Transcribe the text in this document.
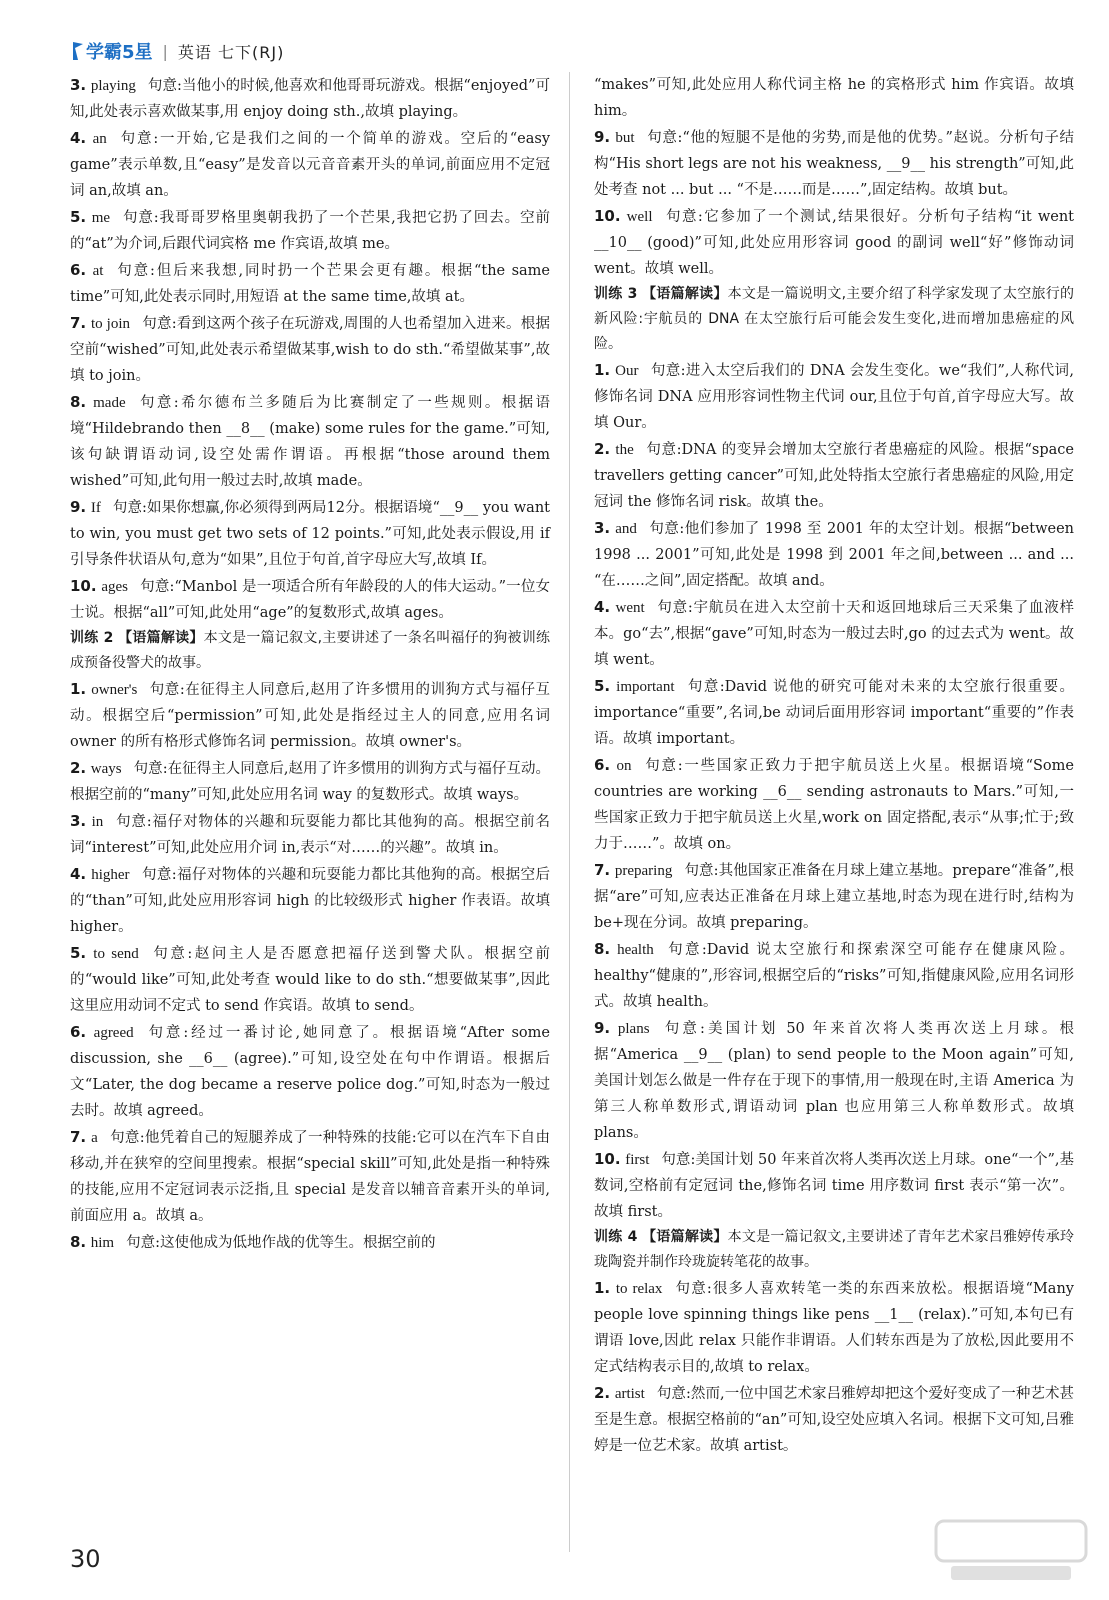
学霸5星 | 英语 七下(RJ)

3. playing 句意:当他小的时候,他喜欢和他哥哥玩游戏。根据“enjoyed”可知,此处表示喜欢做某事,用 enjoy doing sth.,故填 playing。

4. an 句意:一开始,它是我们之间的一个简单的游戏。空后的“easy game”表示单数,且“easy”是发音以元音音素开头的单词,前面应用不定冠词 an,故填 an。

5. me 句意:我哥哥罗格里奥朝我扔了一个芒果,我把它扔了回去。空前的“at”为介词,后跟代词宾格 me 作宾语,故填 me。

6. at 句意:但后来我想,同时扔一个芒果会更有趣。根据“the same time”可知,此处表示同时,用短语 at the same time,故填 at。

7. to join 句意:看到这两个孩子在玩游戏,周围的人也希望加入进来。根据空前“wished”可知,此处表示希望做某事,wish to do sth.“希望做某事”,故填 to join。

8. made 句意:希尔德布兰多随后为比赛制定了一些规则。根据语境“Hildebrando then __8__ (make) some rules for the game.”可知,该句缺谓语动词,设空处需作谓语。再根据“those around them wished”可知,此句用一般过去时,故填 made。

9. If 句意:如果你想赢,你必须得到两局12分。根据语境“__9__ you want to win, you must get two sets of 12 points.”可知,此处表示假设,用 if 引导条件状语从句,意为“如果”,且位于句首,首字母应大写,故填 If。

10. ages 句意:“Manbol 是一项适合所有年龄段的人的伟大运动。”一位女士说。根据“all”可知,此处用“age”的复数形式,故填 ages。

训练 2 【语篇解读】本文是一篇记叙文,主要讲述了一条名叫福仔的狗被训练成预备役警犬的故事。

1. owner's 句意:在征得主人同意后,赵用了许多惯用的训狗方式与福仔互动。根据空后“permission”可知,此处是指经过主人的同意,应用名词 owner 的所有格形式修饰名词 permission。故填 owner's。

2. ways 句意:在征得主人同意后,赵用了许多惯用的训狗方式与福仔互动。根据空前的“many”可知,此处应用名词 way 的复数形式。故填 ways。

3. in 句意:福仔对物体的兴趣和玩耍能力都比其他狗的高。根据空前名词“interest”可知,此处应用介词 in,表示“对……的兴趣”。故填 in。

4. higher 句意:福仔对物体的兴趣和玩耍能力都比其他狗的高。根据空后的“than”可知,此处应用形容词 high 的比较级形式 higher 作表语。故填 higher。

5. to send 句意:赵问主人是否愿意把福仔送到警犬队。根据空前的“would like”可知,此处考查 would like to do sth.“想要做某事”,因此这里应用动词不定式 to send 作宾语。故填 to send。

6. agreed 句意:经过一番讨论,她同意了。根据语境“After some discussion, she __6__ (agree).”可知,设空处在句中作谓语。根据后文“Later, the dog became a reserve police dog.”可知,时态为一般过去时。故填 agreed。

7. a 句意:他凭着自己的短腿养成了一种特殊的技能:它可以在汽车下自由移动,并在狭窄的空间里搜索。根据“special skill”可知,此处是指一种特殊的技能,应用不定冠词表示泛指,且 special 是发音以辅音音素开头的单词,前面应用 a。故填 a。

8. him 句意:这使他成为低地作战的优等生。根据空前的

“makes”可知,此处应用人称代词主格 he 的宾格形式 him 作宾语。故填 him。

9. but 句意:“他的短腿不是他的劣势,而是他的优势。”赵说。分析句子结构“His short legs are not his weakness, __9__ his strength”可知,此处考查 not ... but ... “不是……而是……”,固定结构。故填 but。

10. well 句意:它参加了一个测试,结果很好。分析句子结构“it went __10__ (good)”可知,此处应用形容词 good 的副词 well“好”修饰动词 went。故填 well。

训练 3 【语篇解读】本文是一篇说明文,主要介绍了科学家发现了太空旅行的新风险:宇航员的 DNA 在太空旅行后可能会发生变化,进而增加患癌症的风险。

1. Our 句意:进入太空后我们的 DNA 会发生变化。we“我们”,人称代词,修饰名词 DNA 应用形容词性物主代词 our,且位于句首,首字母应大写。故填 Our。

2. the 句意:DNA 的变异会增加太空旅行者患癌症的风险。根据“space travellers getting cancer”可知,此处特指太空旅行者患癌症的风险,用定冠词 the 修饰名词 risk。故填 the。

3. and 句意:他们参加了 1998 至 2001 年的太空计划。根据“between 1998 ... 2001”可知,此处是 1998 到 2001 年之间,between ... and ... “在……之间”,固定搭配。故填 and。

4. went 句意:宇航员在进入太空前十天和返回地球后三天采集了血液样本。go“去”,根据“gave”可知,时态为一般过去时,go 的过去式为 went。故填 went。

5. important 句意:David 说他的研究可能对未来的太空旅行很重要。importance“重要”,名词,be 动词后面用形容词 important“重要的”作表语。故填 important。

6. on 句意:一些国家正致力于把宇航员送上火星。根据语境“Some countries are working __6__ sending astronauts to Mars.”可知,一些国家正致力于把宇航员送上火星,work on 固定搭配,表示“从事;忙于;致力于……”。故填 on。

7. preparing 句意:其他国家正准备在月球上建立基地。prepare“准备”,根据“are”可知,应表达正准备在月球上建立基地,时态为现在进行时,结构为 be+现在分词。故填 preparing。

8. health 句意:David 说太空旅行和探索深空可能存在健康风险。healthy“健康的”,形容词,根据空后的“risks”可知,指健康风险,应用名词形式。故填 health。

9. plans 句意:美国计划 50 年来首次将人类再次送上月球。根据“America __9__ (plan) to send people to the Moon again”可知,美国计划怎么做是一件存在于现下的事情,用一般现在时,主语 America 为第三人称单数形式,谓语动词 plan 也应用第三人称单数形式。故填 plans。

10. first 句意:美国计划 50 年来首次将人类再次送上月球。one“一个”,基数词,空格前有定冠词 the,修饰名词 time 用序数词 first 表示“第一次”。故填 first。

训练 4 【语篇解读】本文是一篇记叙文,主要讲述了青年艺术家吕雅婷传承玲珑陶瓷并制作玲珑旋转笔花的故事。

1. to relax 句意:很多人喜欢转笔一类的东西来放松。根据语境“Many people love spinning things like pens __1__ (relax).”可知,本句已有谓语 love,因此 relax 只能作非谓语。人们转东西是为了放松,因此要用不定式结构表示目的,故填 to relax。

2. artist 句意:然而,一位中国艺术家吕雅婷却把这个爱好变成了一种艺术甚至是生意。根据空格前的“an”可知,设空处应填入名词。根据下文可知,吕雅婷是一位艺术家。故填 artist。

30
